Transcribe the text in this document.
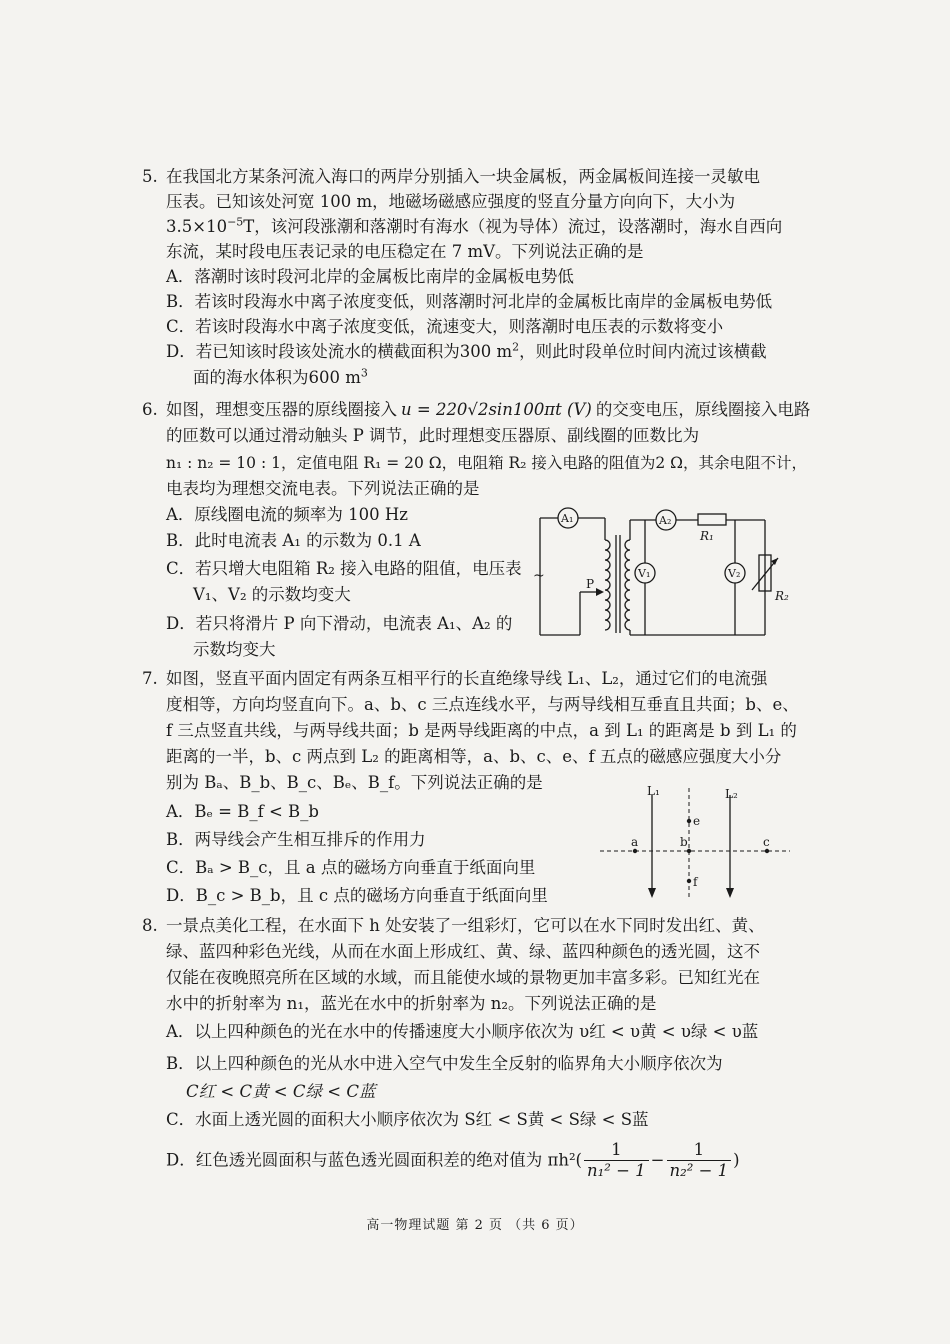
5. 在我国北方某条河流入海口的两岸分别插入一块金属板，两金属板间连接一灵敏电
压表。已知该处河宽 100 m，地磁场磁感应强度的竖直分量方向向下，大小为
$3.5\times 10^{-5}T$，该河段涨潮和落潮时有海水（视为导体）流过，设落潮时，海水自西向
东流，某时段电压表记录的电压稳定在 7 mV。下列说法正确的是
A．落潮时该时段河北岸的金属板比南岸的金属板电势低
B．若该时段海水中离子浓度变低，则落潮时河北岸的金属板比南岸的金属板电势低
C．若该时段海水中离子浓度变低，流速变大，则落潮时电压表的示数将变小
D．若已知该时段该处流水的横截面积为300 $m^2$，则此时段单位时间内流过该横截
面的海水体积为600 $m^3$
6. 如图，理想变压器的原线圈接入 u = 220√2sin100πt (V) 的交变电压，原线圈接入电路
的匝数可以通过滑动触头 P 调节，此时理想变压器原、副线圈的匝数比为
n₁ : n₂ = 10 : 1，定值电阻 R₁ = 20 Ω，电阻箱 R₂ 接入电路的阻值为2 Ω，其余电阻不计，
电表均为理想交流电表。下列说法正确的是
A．原线圈电流的频率为 100 Hz
B．此时电流表 A₁ 的示数为 0.1 A
C．若只增大电阻箱 R₂ 接入电路的阻值，电压表
V₁、V₂ 的示数均变大
D．若只将滑片 P 向下滑动，电流表 A₁、A₂ 的
示数均变大
A₁	A₂
V₁	V₂
R₁
R₂
P
~
7. 如图，竖直平面内固定有两条互相平行的长直绝缘导线 L₁、L₂，通过它们的电流强
度相等，方向均竖直向下。a、b、c 三点连线水平，与两导线相互垂直且共面；b、e、
f 三点竖直共线，与两导线共面；b 是两导线距离的中点，a 到 L₁ 的距离是 b 到 L₁ 的
距离的一半，b、c 两点到 L₂ 的距离相等，a、b、c、e、f 五点的磁感应强度大小分
别为 Bₐ、B_b、B_c、Bₑ、B_f。下列说法正确的是
A．Bₑ = B_f < B_b
B．两导线会产生相互排斥的作用力
C．Bₐ > B_c，且 a 点的磁场方向垂直于纸面向里
D．B_c > B_b，且 c 点的磁场方向垂直于纸面向里
L₁	L₂
a	b	c
e
f
8. 一景点美化工程，在水面下 h 处安装了一组彩灯，它可以在水下同时发出红、黄、
绿、蓝四种彩色光线，从而在水面上形成红、黄、绿、蓝四种颜色的透光圆，这不
仅能在夜晚照亮所在区域的水域，而且能使水域的景物更加丰富多彩。已知红光在
水中的折射率为 n₁，蓝光在水中的折射率为 n₂。下列说法正确的是
A．以上四种颜色的光在水中的传播速度大小顺序依次为 υ红 < υ黄 < υ绿 < υ蓝
B．以上四种颜色的光从水中进入空气中发生全反射的临界角大小顺序依次为
C红 < C黄 < C绿 < C蓝
C．水面上透光圆的面积大小顺序依次为 S红 < S黄 < S绿 < S蓝
D．红色透光圆面积与蓝色透光圆面积差的绝对值为 $\pi h^2( \frac{1}{\text{n₁² − 1}} - \frac{1}{\text{n₂² − 1}}$ )
高一物理试题 第 2 页 （共 6 页）
